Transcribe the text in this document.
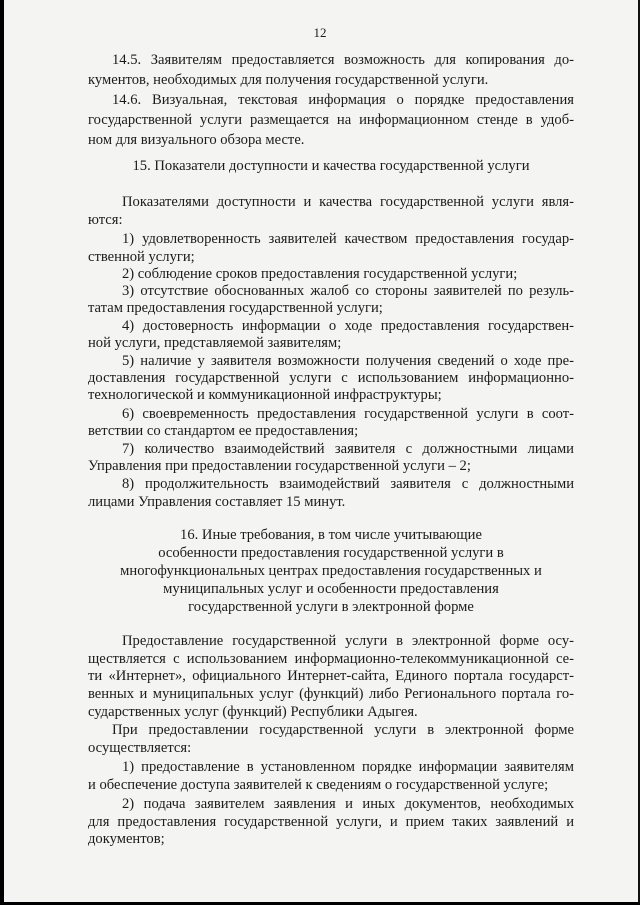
12
14.5. Заявителям предоставляется возможность для копирования до-
кументов, необходимых для получения государственной услуги.
14.6. Визуальная, текстовая информация о порядке предоставления
государственной услуги размещается на информационном стенде в удоб-
ном для визуального обзора месте.
15. Показатели доступности и качества государственной услуги
Показателями доступности и качества государственной услуги явля-
ются:
1) удовлетворенность заявителей качеством предоставления государ-
ственной услуги;
2) соблюдение сроков предоставления государственной услуги;
3) отсутствие обоснованных жалоб со стороны заявителей по резуль-
татам предоставления государственной услуги;
4) достоверность информации о ходе предоставления государствен-
ной услуги, представляемой заявителям;
5) наличие у заявителя возможности получения сведений о ходе пре-
доставления государственной услуги с использованием информационно-
технологической и коммуникационной инфраструктуры;
6) своевременность предоставления государственной услуги в соот-
ветствии со стандартом ее предоставления;
7) количество взаимодействий заявителя с должностными лицами
Управления при предоставлении государственной услуги – 2;
8) продолжительность взаимодействий заявителя с должностными
лицами Управления составляет 15 минут.
16. Иные требования, в том числе учитывающие
особенности предоставления государственной услуги в
многофункциональных центрах предоставления государственных и
муниципальных услуг и особенности предоставления
государственной услуги в электронной форме
Предоставление государственной услуги в электронной форме осу-
ществляется с использованием информационно-телекоммуникационной се-
ти «Интернет», официального Интернет-сайта, Единого портала государст-
венных и муниципальных услуг (функций) либо Регионального портала го-
сударственных услуг (функций) Республики Адыгея.
При предоставлении государственной услуги в электронной форме
осуществляется:
1) предоставление в установленном порядке информации заявителям
и обеспечение доступа заявителей к сведениям о государственной услуге;
2) подача заявителем заявления и иных документов, необходимых
для предоставления государственной услуги, и прием таких заявлений и
документов;
